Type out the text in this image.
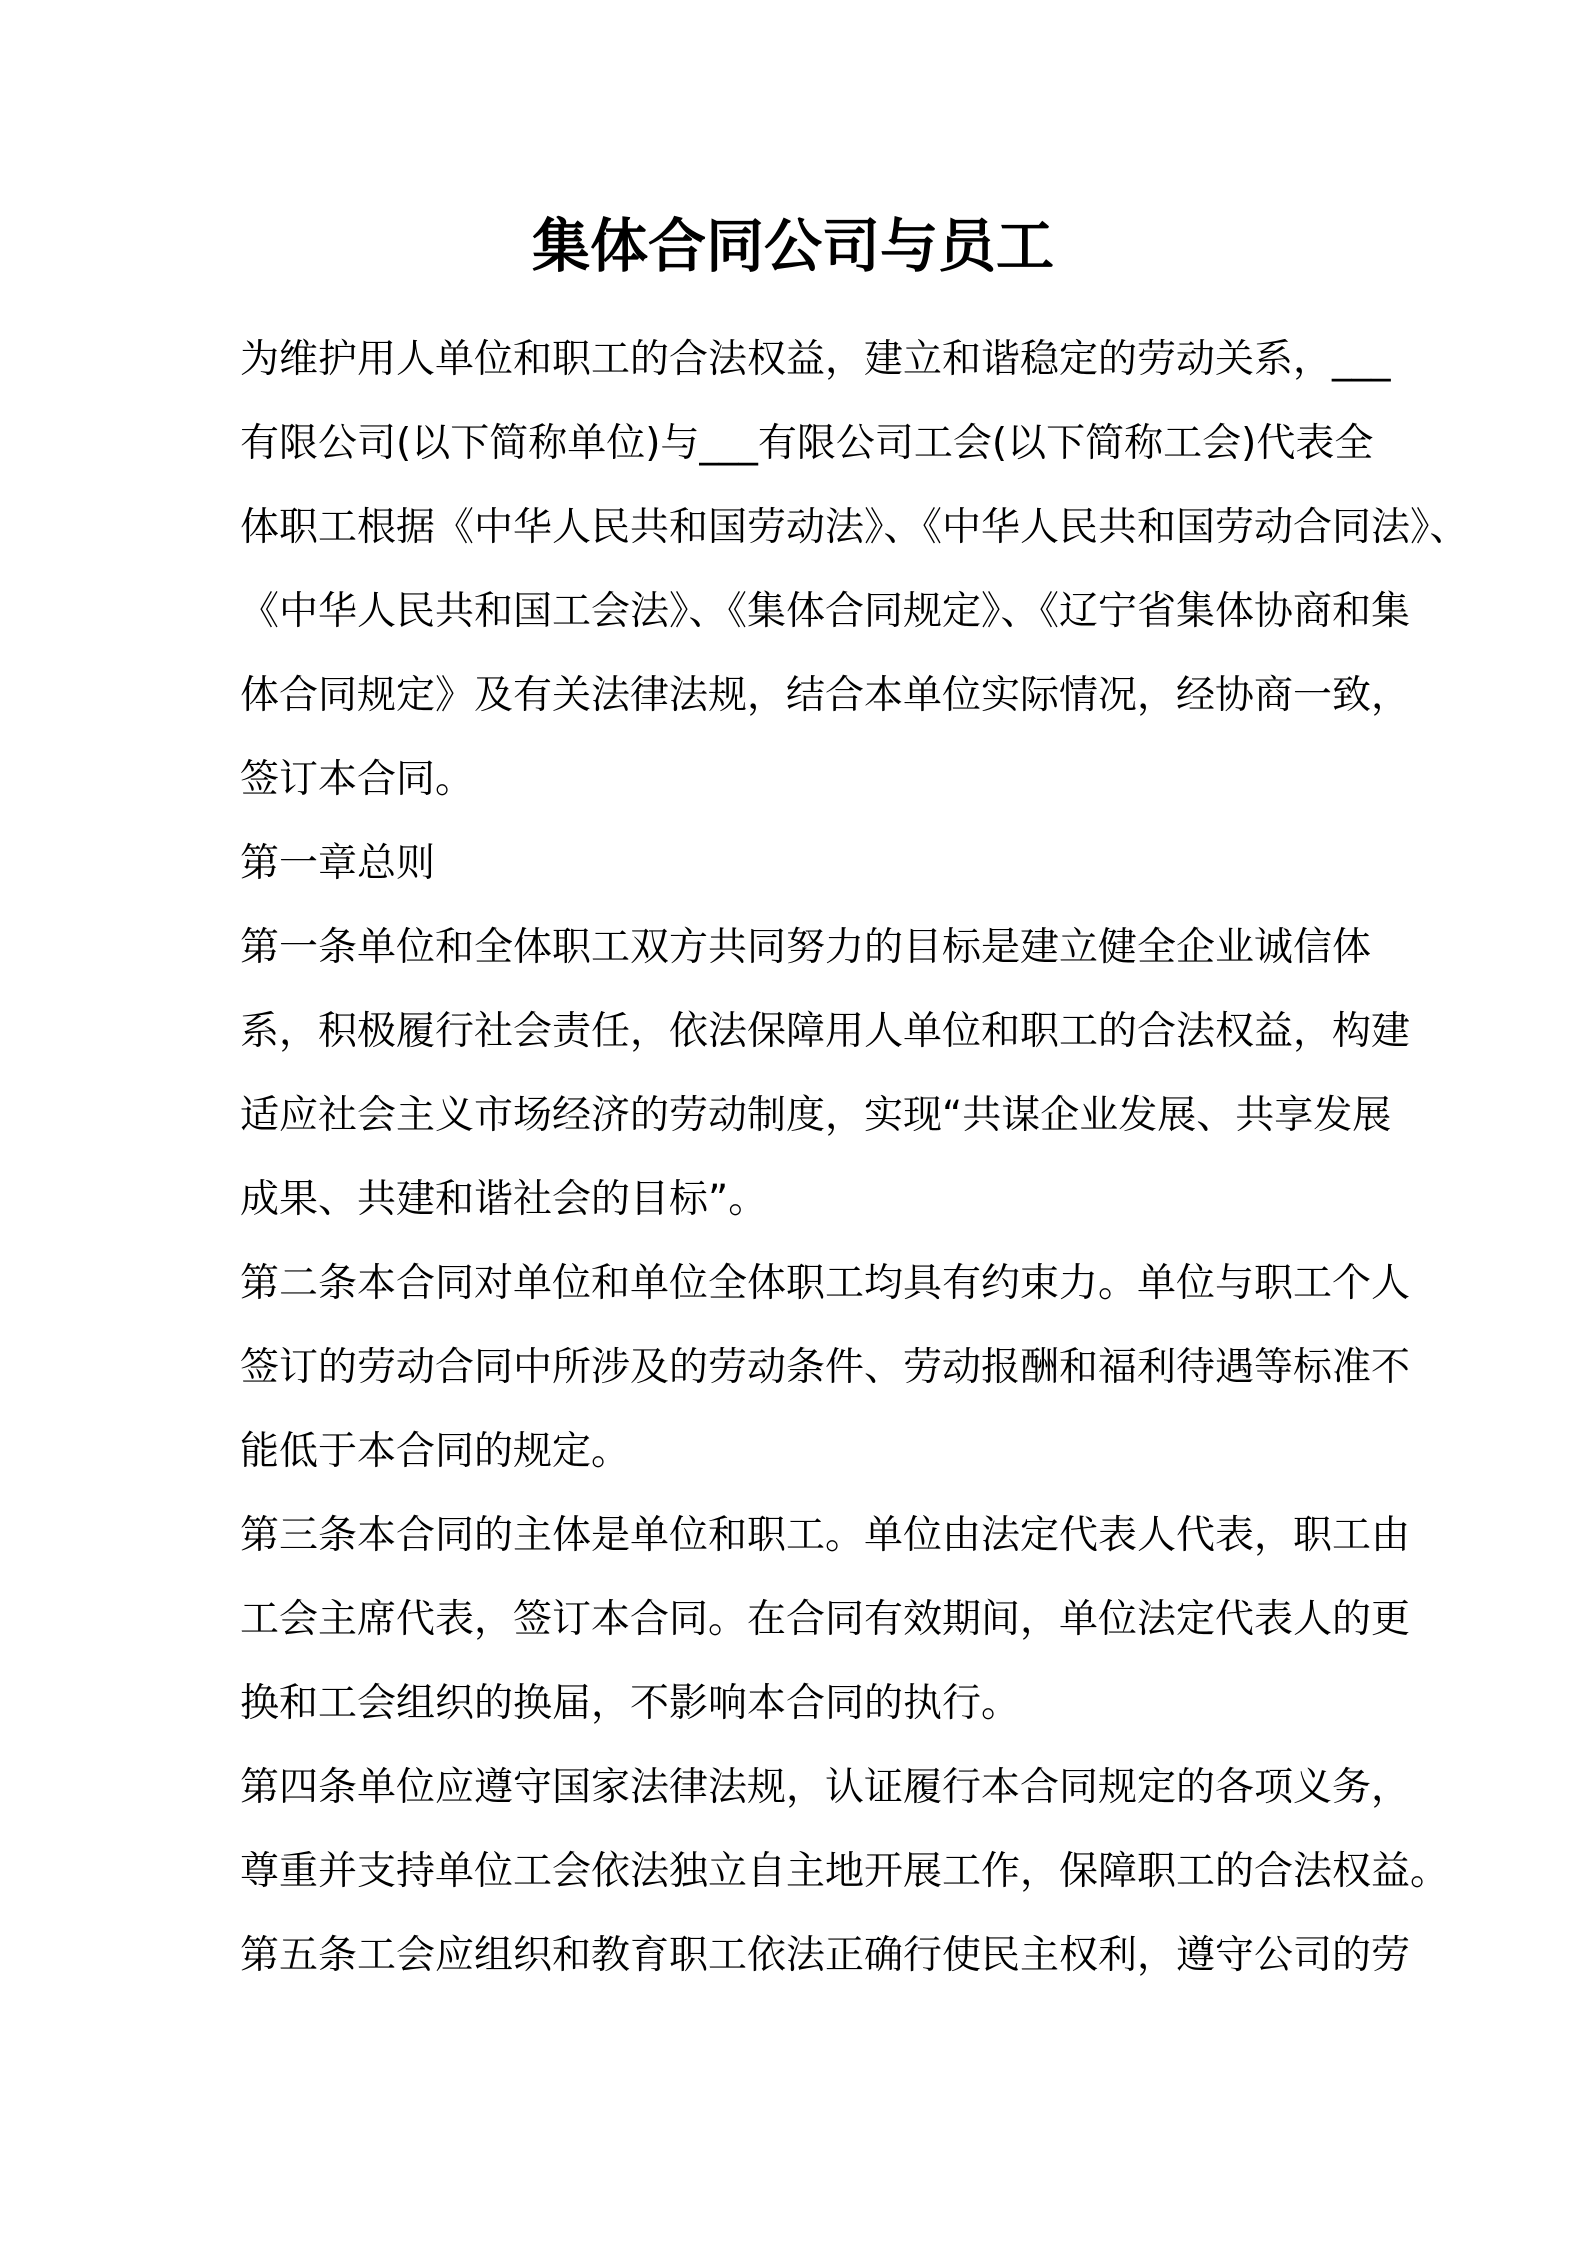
集体合同公司与员工
为维护用人单位和职工的合法权益，建立和谐稳定的劳动关系，___
有限公司(以下简称单位)与___有限公司工会(以下简称工会)代表全
体职工根据《中华人民共和国劳动法》、《中华人民共和国劳动合同法》、
《中华人民共和国工会法》、《集体合同规定》、《辽宁省集体协商和集
体合同规定》及有关法律法规，结合本单位实际情况，经协商一致，
签订本合同。
第一章总则
第一条单位和全体职工双方共同努力的目标是建立健全企业诚信体
系，积极履行社会责任，依法保障用人单位和职工的合法权益，构建
适应社会主义市场经济的劳动制度，实现“共谋企业发展、共享发展
成果、共建和谐社会的目标”。
第二条本合同对单位和单位全体职工均具有约束力。单位与职工个人
签订的劳动合同中所涉及的劳动条件、劳动报酬和福利待遇等标准不
能低于本合同的规定。
第三条本合同的主体是单位和职工。单位由法定代表人代表，职工由
工会主席代表，签订本合同。在合同有效期间，单位法定代表人的更
换和工会组织的换届，不影响本合同的执行。
第四条单位应遵守国家法律法规，认证履行本合同规定的各项义务，
尊重并支持单位工会依法独立自主地开展工作，保障职工的合法权益。
第五条工会应组织和教育职工依法正确行使民主权利，遵守公司的劳
